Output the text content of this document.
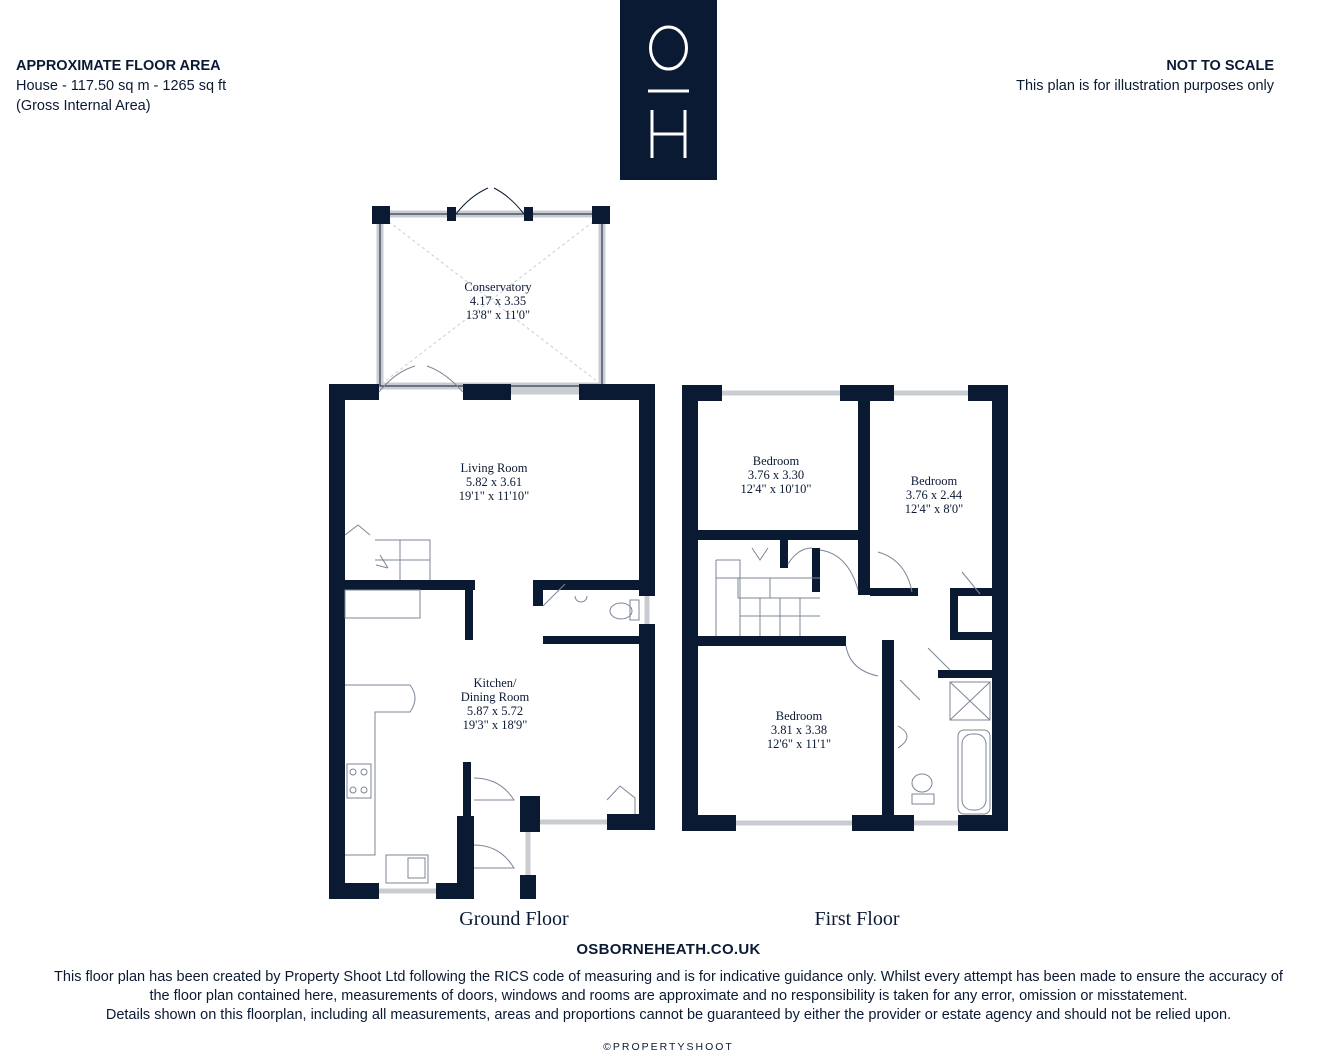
APPROXIMATE FLOOR AREA
House - 117.50 sq m - 1265 sq ft
(Gross Internal Area)
NOT TO SCALE
This plan is for illustration purposes only
Conservatory
4.17 x 3.35
13'8" x 11'0"
Living Room
5.82 x 3.61
19'1" x 11'10"
Kitchen/
Dining Room
5.87 x 5.72
19'3" x 18'9"
Bedroom
3.76 x 3.30
12'4" x 10'10"
Bedroom
3.76 x 2.44
12'4" x 8'0"
Bedroom
3.81 x 3.38
12'6" x 11'1"
Ground Floor	First Floor
OSBORNEHEATH.CO.UK
This floor plan has been created by Property Shoot Ltd following the RICS code of measuring and is for indicative guidance only. Whilst every attempt has been made to ensure the accuracy of
the floor plan contained here, measurements of doors, windows and rooms are approximate and no responsibility is taken for any error, omission or misstatement.
Details shown on this floorplan, including all measurements, areas and proportions cannot be guaranteed by either the provider or estate agency and should not be relied upon.
©PROPERTYSHOOT
